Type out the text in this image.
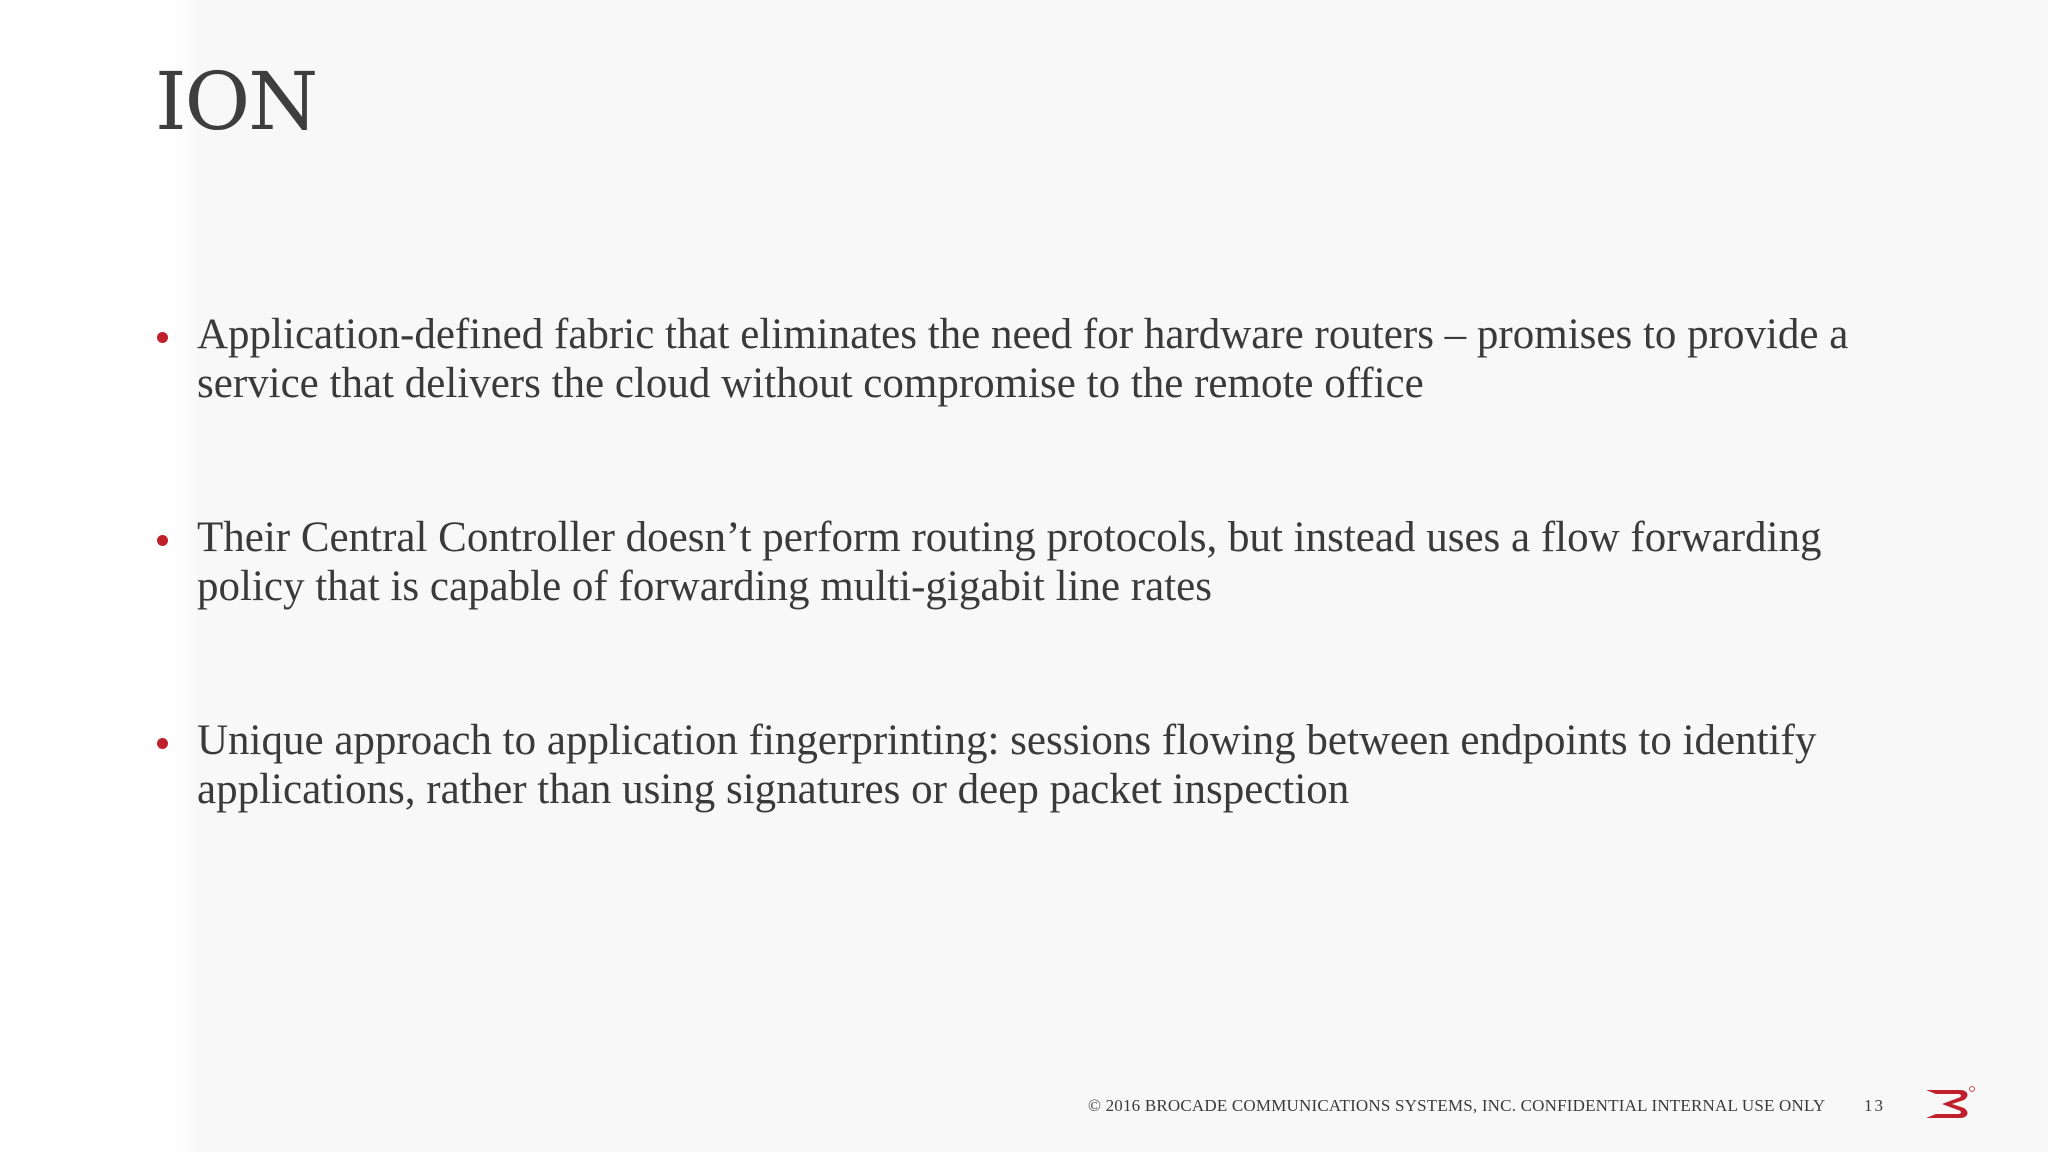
ION
Application-defined fabric that eliminates the need for hardware routers – promises to provide a service that delivers the cloud without compromise to the remote office
Their Central Controller doesn’t perform routing protocols, but instead uses a flow forwarding policy that is capable of forwarding multi-gigabit line rates
Unique approach to application fingerprinting: sessions flowing between endpoints to identify applications, rather than using signatures or deep packet inspection
© 2016 BROCADE COMMUNICATIONS SYSTEMS, INC. CONFIDENTIAL INTERNAL USE ONLY 13
